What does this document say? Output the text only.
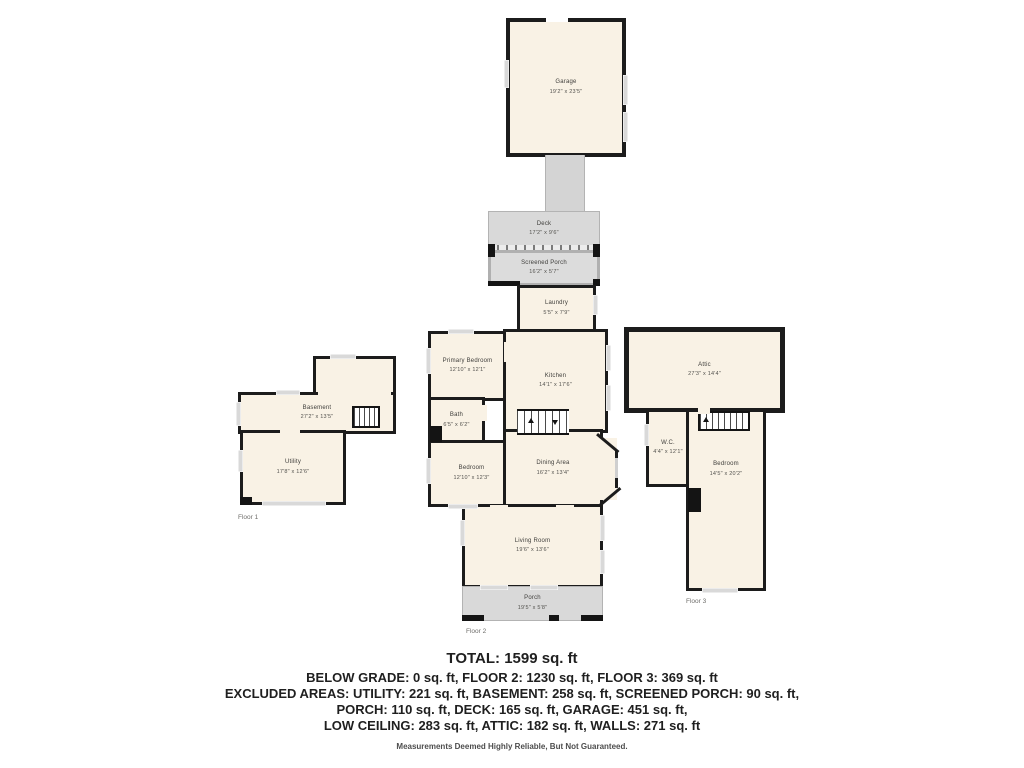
Garage
19'2" x 23'5"
Deck
17'2" x 9'6"
Screened Porch
16'2" x 5'7"
Laundry
5'5" x 7'9"
Primary Bedroom
12'10" x 12'1"
Kitchen
14'1" x 17'6"
Bath
6'5" x 6'2"
Bedroom
12'10" x 12'3"
Dining Area
16'2" x 13'4"
Living Room
19'6" x 13'6"
Porch
19'5" x 5'8"
Basement
27'2" x 13'5"
Utility
17'8" x 12'6"
Attic
27'3" x 14'4"
W.C.
4'4" x 12'1"
Bedroom
14'5" x 20'2"
Floor 1
Floor 2
Floor 3
TOTAL: 1599 sq. ft
BELOW GRADE: 0 sq. ft, FLOOR 2: 1230 sq. ft, FLOOR 3: 369 sq. ft
EXCLUDED AREAS: UTILITY: 221 sq. ft, BASEMENT: 258 sq. ft, SCREENED PORCH: 90 sq. ft,
PORCH: 110 sq. ft, DECK: 165 sq. ft, GARAGE: 451 sq. ft,
LOW CEILING: 283 sq. ft, ATTIC: 182 sq. ft, WALLS: 271 sq. ft
Measurements Deemed Highly Reliable, But Not Guaranteed.
